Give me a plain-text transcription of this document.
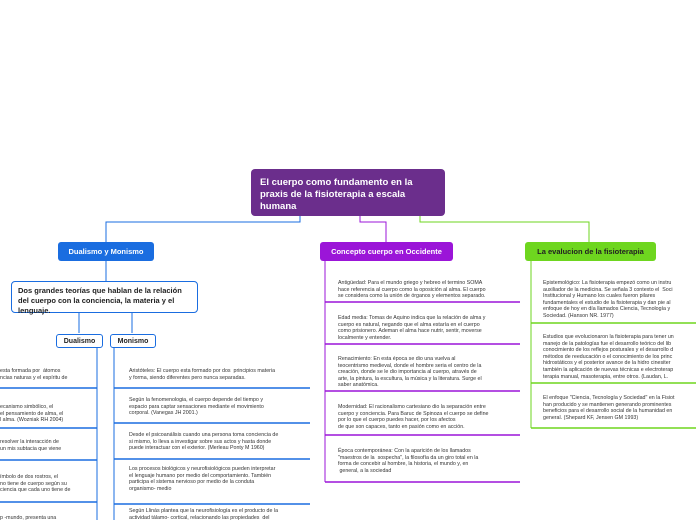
El cuerpo como fundamento en la praxis de la fisioterapia a escala humana
Dualismo y Monismo	Concepto cuerpo en Occidente	La evalucion de la fisioterapia
Dos grandes teorías que hablan de la relación del cuerpo con la conciencia, la materia y el lenguaje.
Dualismo	Monismo
esta formada por  átomos
ncias naturas y el espíritu de
ecanismo simbólico, el
el pensamiento de alma, el
l alma. (Wozniak RH 2004)
resolver la interacción de
un mis subtacia que viene
ímbolo de dos rostros, el
no tiene de cuerpo según su
ciencia que cada uno tiene de
p -mundo, presenta una
Aristóteles: El cuerpo esta formado por dos  principios materia
y forma, siendo diferentes pero nunca separadas.
Según la fenomenologia, el cuerpo depende del tiempo y
espacio para captar sensaciones mediante el movimiento
corporal. (Vanegas JH 2001.)
Desde el psicoanálisis cuando una persona toma conciencia de
si mismo, lo lleva a investigar sobre sus actos y hasta donde
puede interactuar con el exterior. (Merleau Ponty M 1960)
Los procesos biológicos y neurofisiológicos pueden interpretar
el lenguaje humano por medio del comportamiento. También
participa el sistema nervioso por medio de la conduta
organismo- medio
Según Llinás plantea que la neurofisiología es el producto de la
actividad tálamo- cortical, relacionando las propiedades  del
Antigüedad: Para el mundo griego y hebreo el termino SOMA
hace referencia al cuerpo como la oposición al alma. El cuerpo
se considera como la unión de órganos y elementos separado.
Edad media: Tomas de Aquino indica que la relación de alma y
cuerpo es natural, negando que el alma estaría en el cuerpo
como prisionero. Ademan el alma hace nutrir, sentir, moverse
localmente y entender.
Renacimiento: En esta época se dio una vuelva al
teocentrismo medieval, donde el hombre seria el centro de la
creación, donde se le dio importancia al cuerpo, através de
arte, la pintura, la escultura, la música y la literatura. Surge el
saber anatómica.
Modernidad: El racionalismo cartesiano dio la separación entre
cuerpo y conciencia. Para Baruc de Spinoza el cuerpo se define
por lo que el cuerpo puedes hacer, por los afectos
de que son capaces, tanto en pasión como en acción.
Época contemporánea: Con la aparición de los llamados
"maestros de la  sospecha", la filosofía da un giro total en la
forma de concebir al hombre, la historia, el mundo y, en
general, a la sociedad
Epistemológico: La fisioterapia empezó como un instru
auxiliador de la medicina. Se señala 3 contexto el  Soci
Institucional y Humano los cuales fueron pilares
fundamentales el estudio de la fisioterapia y dan pie al
enfoque de hoy en día llamados Ciencia, Tecnología y
Sociedad. (Hanson NR. 1977)
Estudios que evolucionaron la fisioterapia para tener un
manejo de la patologías fue el desarrollo teórico del lib
conocimiento de los reflejos posturales y el desarrollo d
métodos de reeducación o el conocimiento de los princ
hidrostáticos y el posterior avance de la hidro cinesiter
también la aplicación de nuevas técnicas e electroterap
terapia manual, masoterapia, entre otros. (Laudan, L.
El enfoque "Ciencia, Tecnología y Sociedad" en la Fisiot
han producido y se mantienen generando prominentes
beneficios para el desarrollo social de la humanidad en
general. (Shepard KF, Jensen GM 1993)
